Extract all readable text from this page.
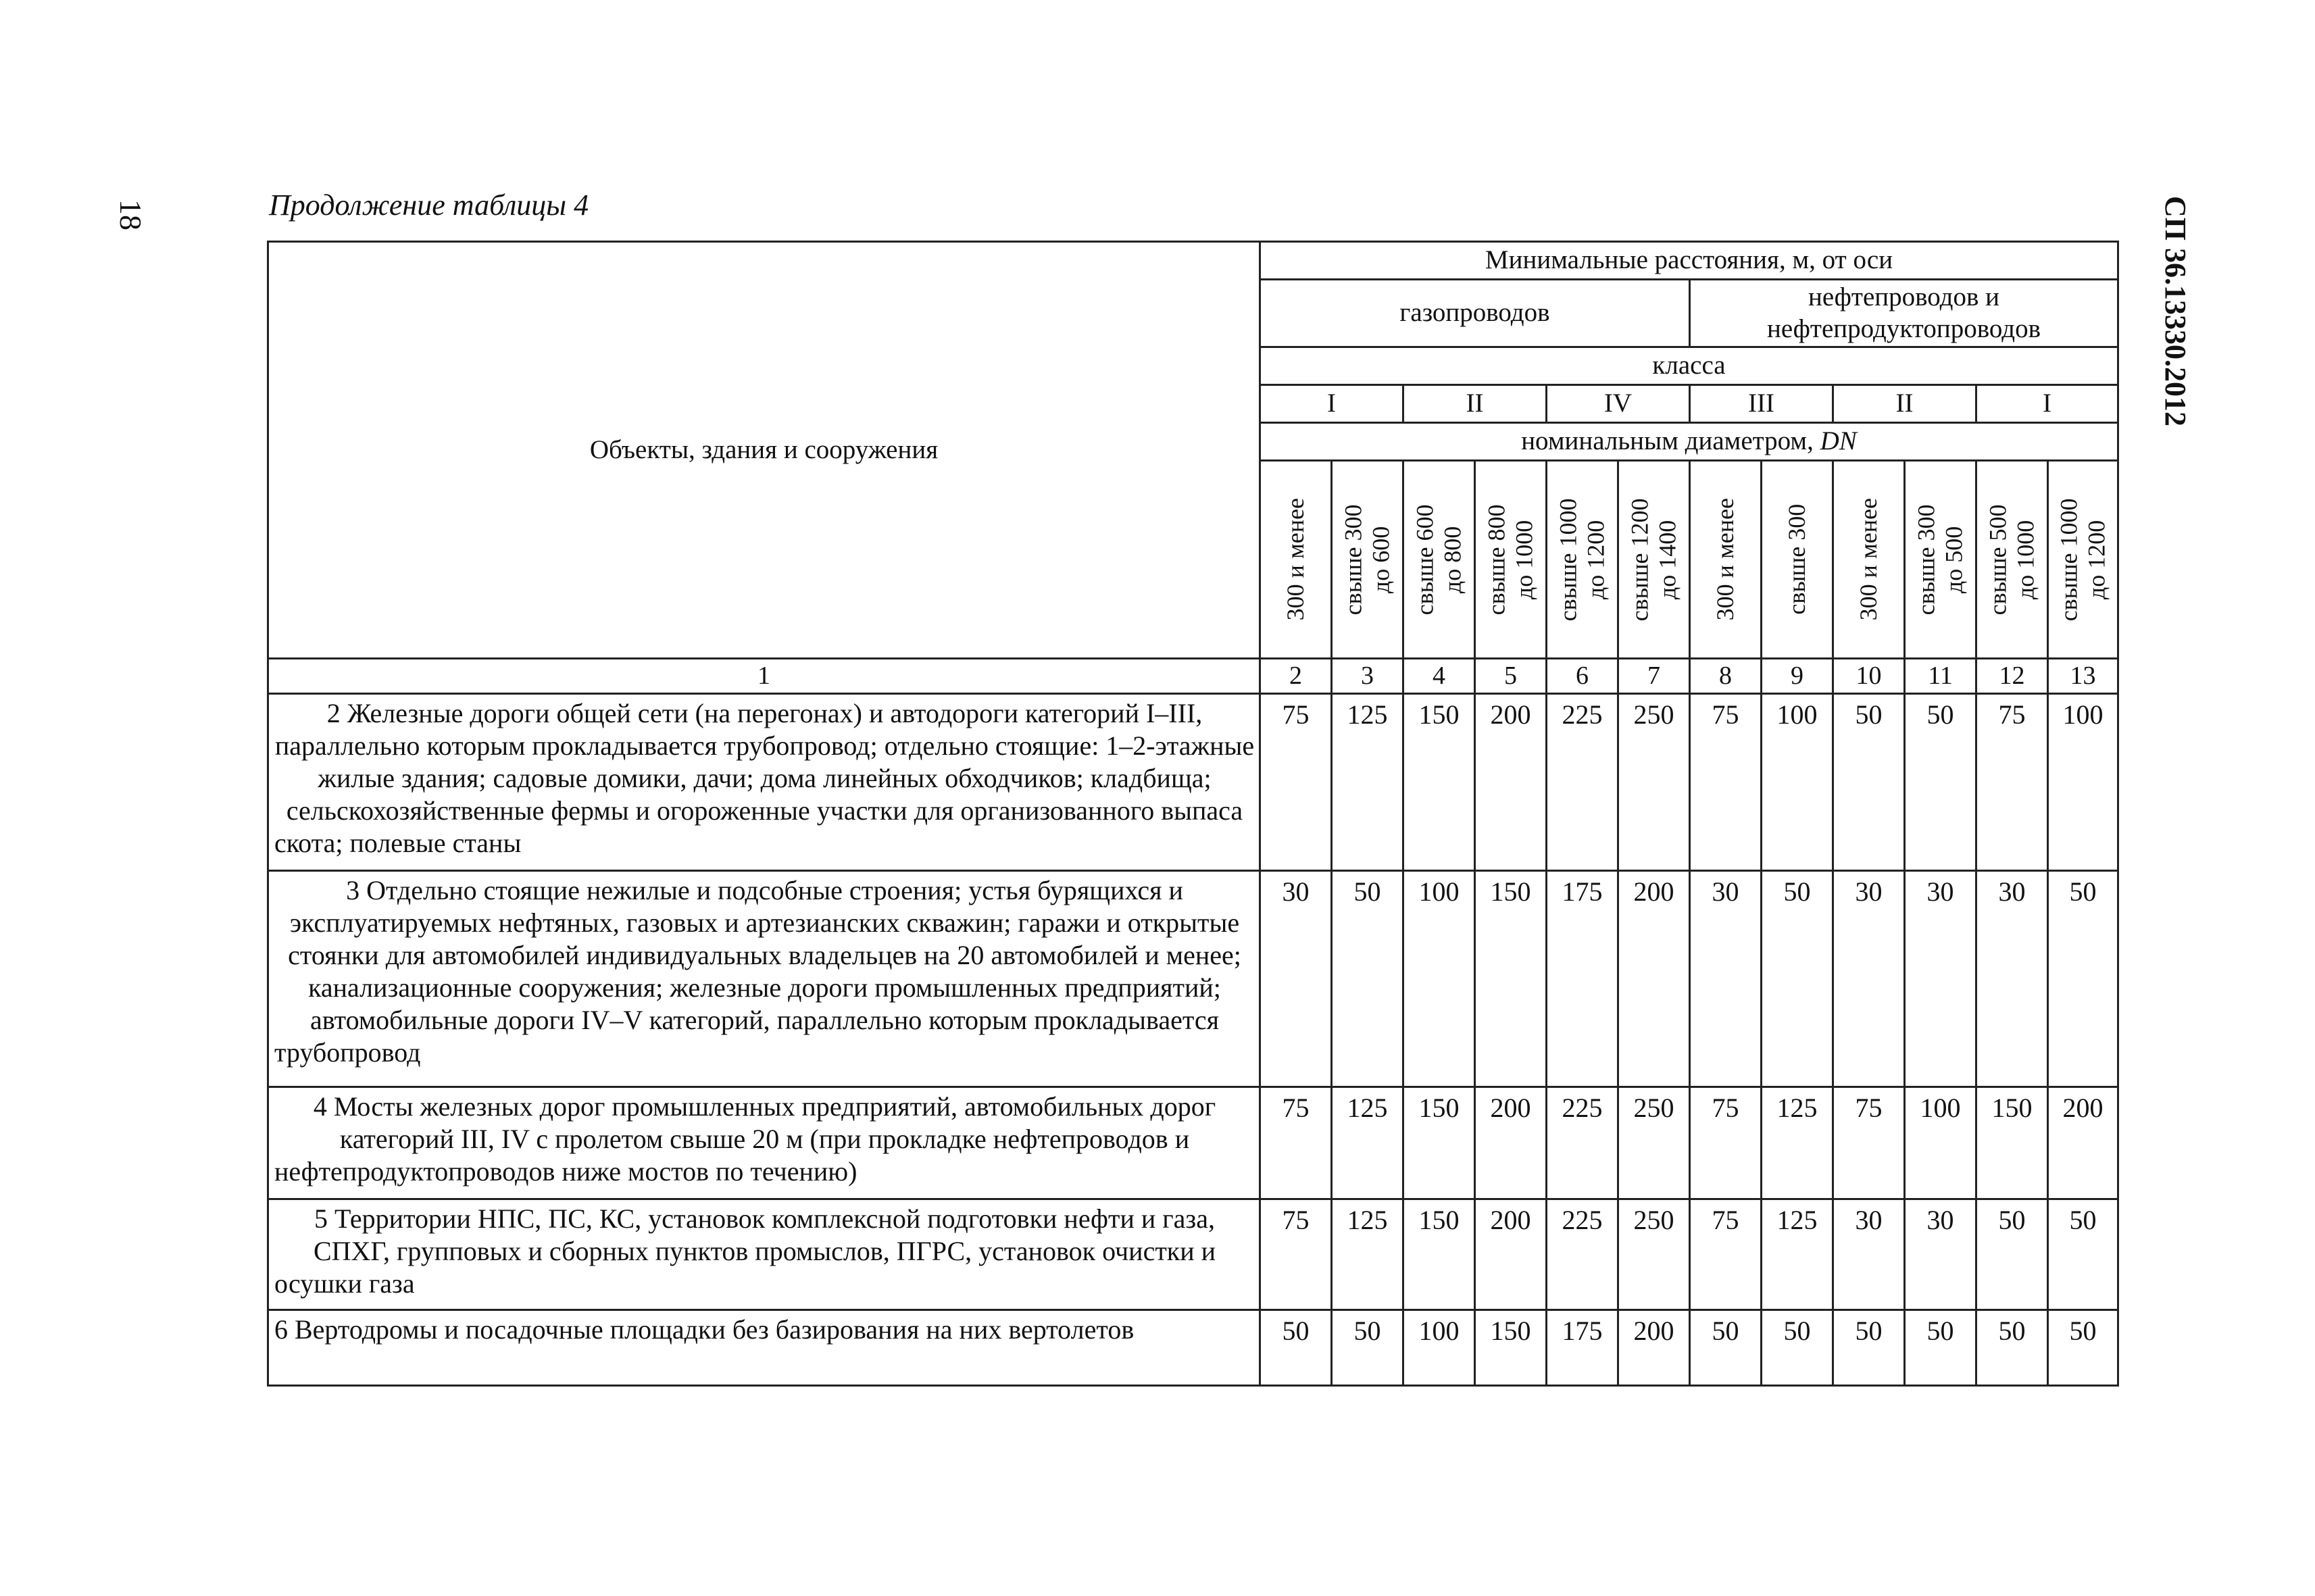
18	СП 36.13330.2012
Продолжение таблицы 4
Объекты, здания и сооружения	Минимальные расстояния, м, от оси											
	газопроводов						нефтепроводов и нефтепродуктопроводов					
	класса											
	I		II		IV		III		II		I	
	номинальным диаметром, DN											

	300 и менее	свыше 300 до 600	свыше 600 до 800	свыше 800 до 1000	свыше 1000 до 1200	свыше 1200 до 1400	300 и менее	свыше 300	300 и менее	свыше 300 до 500	свыше 500 до 1000	свыше 1000 до 1200

1	2	3	4	5	6	7	8	9	10	11	12	13
2 Железные дороги общей сети (на перегонах) и автодороги категорий I–III, параллельно которым прокладывается трубопровод; отдельно стоящие: 1–2-этажные жилые здания; садовые домики, дачи; дома линейных обходчиков; кладбища; сельскохозяйственные фермы и огороженные участки для организованного выпаса скота; полевые станы	75	125	150	200	225	250	75	100	50	50	75	100
3 Отдельно стоящие нежилые и подсобные строения; устья бурящихся и эксплуатируемых нефтяных, газовых и артезианских скважин; гаражи и открытые стоянки для автомобилей индивидуальных владельцев на 20 автомобилей и менее; канализационные сооружения; железные дороги промышленных предприятий; автомобильные дороги IV–V категорий, параллельно которым прокладывается трубопровод	30	50	100	150	175	200	30	50	30	30	30	50
4 Мосты железных дорог промышленных предприятий, автомобильных дорог категорий III, IV с пролетом свыше 20 м (при прокладке нефтепроводов и нефтепродуктопроводов ниже мостов по течению)	75	125	150	200	225	250	75	125	75	100	150	200
5 Территории НПС, ПС, КС, установок комплексной подготовки нефти и газа, СПХГ, групповых и сборных пунктов промыслов, ПГРС, установок очистки и осушки газа	75	125	150	200	225	250	75	125	30	30	50	50
6 Вертодромы и посадочные площадки без базирования на них вертолетов	50	50	100	150	175	200	50	50	50	50	50	50
